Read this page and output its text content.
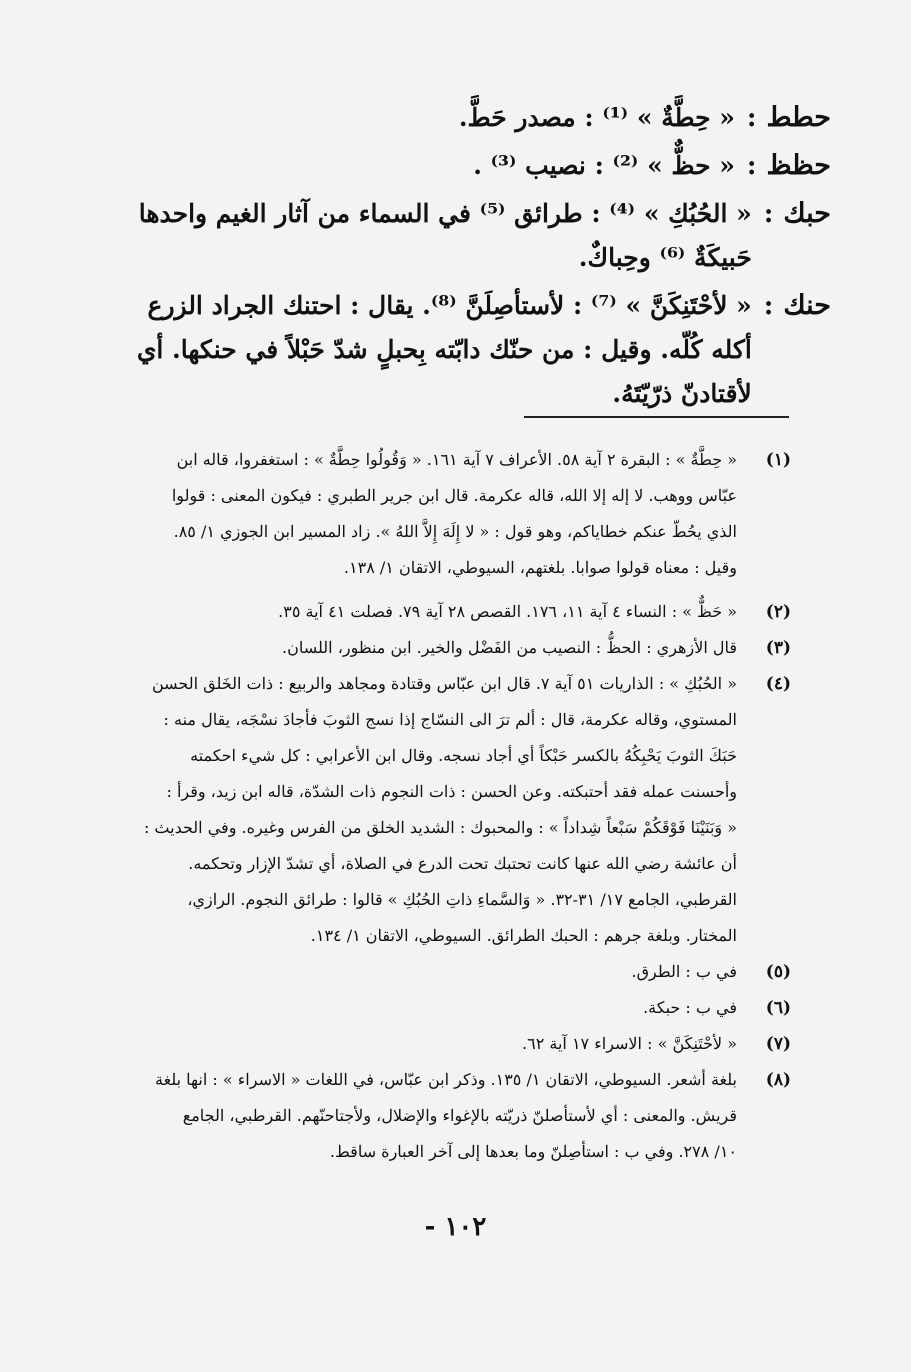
حطط
:
« حِطَّةٌ » ⁽¹⁾ : مصدر حَطَّ.
حظظ
:
« حظٌّ » ⁽²⁾ : نصيب ⁽³⁾ .
حبك
:
« الحُبُكِ » ⁽⁴⁾ : طرائق ⁽⁵⁾ في السماء من آثار الغيم واحدها
حَبيكَةٌ ⁽⁶⁾ وحِباكٌ.
حنك
:
« لأحْتَنِكَنَّ » ⁽⁷⁾ : لأستأصِلَنَّ ⁽⁸⁾. يقال : احتنك الجراد الزرع
أكله كُلّه. وقيل : من حنّك دابّته بِحبلٍ شدّ حَبْلاً في حنكها. أي
لأقتادنّ ذرّيّتَهُ.
(١)
« حِطَّةٌ » : البقرة ٢ آية ٥٨. الأعراف ٧ آية ١٦١. « وَقُولُوا حِطَّةٌ » : استغفروا، قاله ابن
عبّاس ووهب. لا إله إلا الله، قاله عكرمة. قال ابن جرير الطبري : فيكون المعنى : قولوا
الذي يحُطّ عنكم خطاياكم، وهو قول : « لا إِلَهَ إِلاَّ اللهُ ». زاد المسير ابن الجوزي ١/ ٨٥.
وقيل : معناه قولوا صوابا. بلغتهم، السيوطي، الاتقان ١/ ١٣٨.
(٢)
« حَظٌّ » : النساء ٤ آية ١١، ١٧٦. القصص ٢٨ آية ٧٩. فصلت ٤١ آية ٣٥.
(٣)
قال الأزهري : الحظُّ : النصيب من الفَضْل والخير. ابن منظور، اللسان.
(٤)
« الحُبُكِ » : الذاريات ٥١ آية ٧. قال ابن عبّاس وقتادة ومجاهد والربيع : ذات الخَلق الحسن
المستوي، وقاله عكرمة، قال : ألم ترَ الى النسّاج إذا نسج الثوبَ فأجادَ نسْجَه، يقال منه :
حَبَكَ الثوبَ يَحْبِكُهُ بالكسر حَبْكاً أي أجاد نسجه. وقال ابن الأعرابي : كل شيء احكمته
وأحسنت عمله فقد أحتبكته. وعن الحسن : ذات النجوم ذات الشدّة، قاله ابن زيد، وقرأ :
« وَبَنَيْنَا فَوْقَكُمْ سَبْعاً شِداداً » : والمحبوك : الشديد الخلق من الفرس وغيره. وفي الحديث :
أن عائشة رضي الله عنها كانت تحتبك تحت الدرع في الصلاة، أي تشدّ الإزار وتحكمه.
القرطبي، الجامع ١٧/ ٣١-٣٢. « وَالسَّماءِ ذاتِ الحُبُكِ » قالوا : طرائق النجوم. الرازي،
المختار. وبلغة جرهم : الحبك الطرائق. السيوطي، الاتقان ١/ ١٣٤.
(٥)
في ب : الطرق.
(٦)
في ب : حبكة.
(٧)
« لأحْتَنِكَنَّ » : الاسراء ١٧ آية ٦٢.
(٨)
بلغة أشعر. السيوطي، الاتقان ١/ ١٣٥. وذكر ابن عبّاس، في اللغات « الاسراء » : انها بلغة
قريش. والمعنى : أي لأستأصلنّ ذريّته بالإغواء والإضلال، ولأجتاحنّهم. القرطبي، الجامع
١٠/ ٢٧٨. وفي ب : استأصِلنّ وما بعدها إلى آخر العبارة ساقط.
- ١٠٢
